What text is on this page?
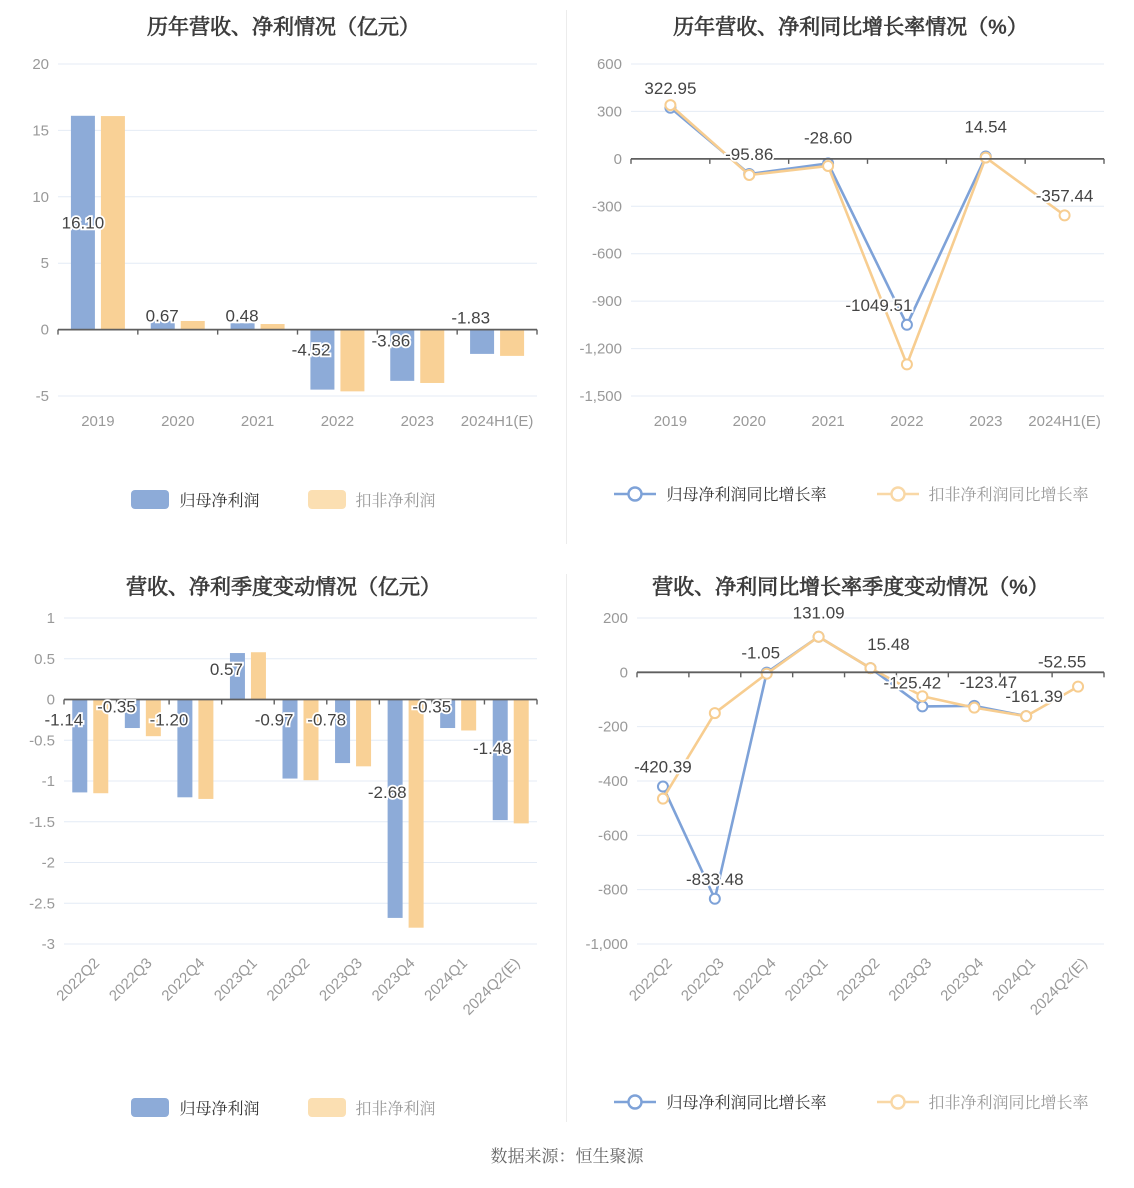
历年营收、净利情况（亿元）
20
15
10
5
0
-5
2019	2020	2021	2022	2023 2024H1(E)
16.10
0.67	0.48
-4.52 -3.86
-1.83
归母净利润	扣非净利润
历年营收、净利同比增长率情况（%）
600
300
0
-300
-600
-900
-1,200
-1,500
2019	2020	2021	2022	2023 2024H1(E)
322.95
-95.86
-28.60
-1049.51
14.54
-357.44
归母净利润同比增长率	扣非净利润同比增长率
营收、净利季度变动情况（亿元）
1
0.5
0
-0.5
-1
-1.5
-2
-2.5
-3
2022Q2 2022Q3 2022Q4 2023Q1 2023Q2 2023Q3 2023Q4 2024Q1
2024Q2(E)
-1.14
-0.35
-1.20
0.57
-0.97 -0.78
-2.68
-0.35
-1.48
归母净利润	扣非净利润
营收、净利同比增长率季度变动情况（%）
200
0
-200
-400
-600
-800
-1,000
2022Q2 2022Q3 2022Q4 2023Q1 2023Q2 2023Q3 2023Q4 2024Q1
2024Q2(E)
-420.39
-833.48
-1.05
131.09
15.48
-125.42 -123.47
-161.39
-52.55
归母净利润同比增长率	扣非净利润同比增长率
数据来源：恒生聚源
